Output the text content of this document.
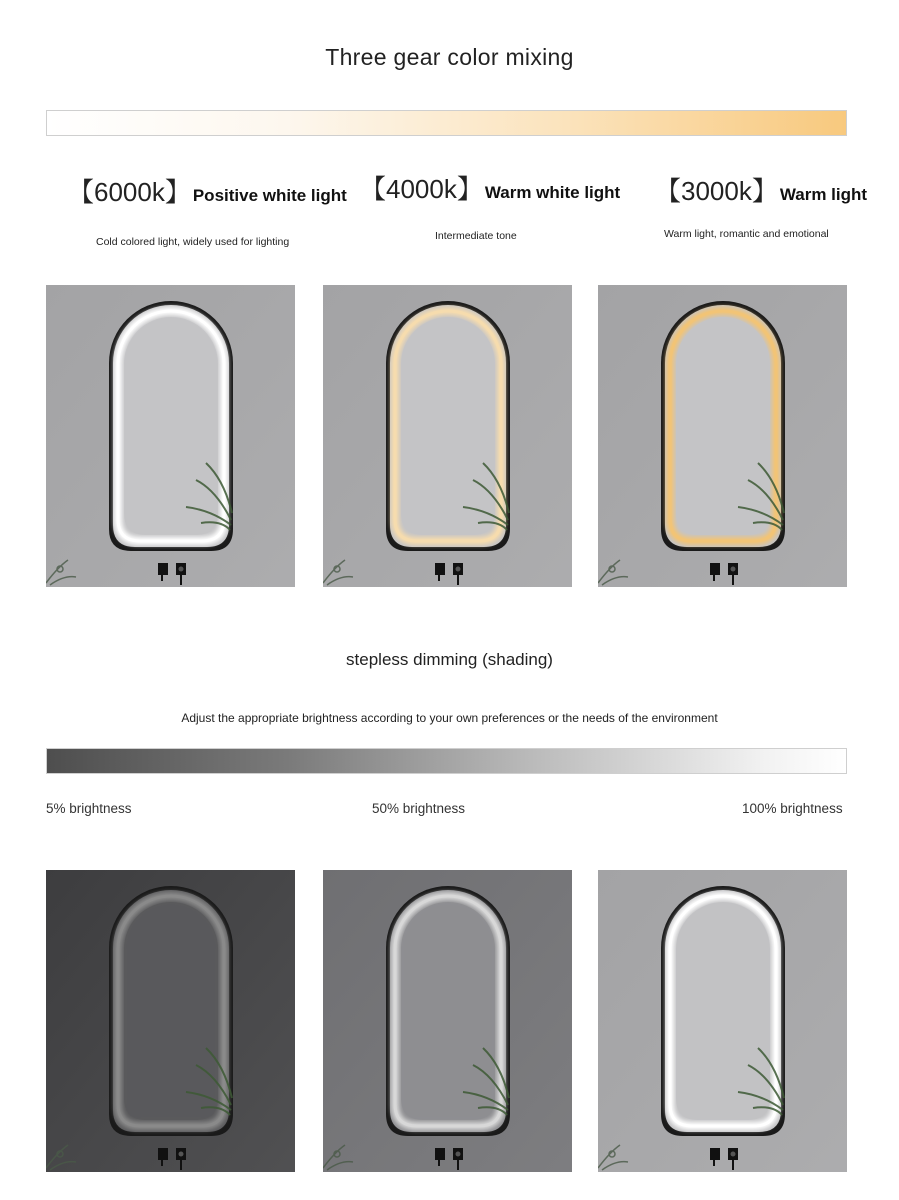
Three gear color mixing
【6000k】 Positive white light
Cold colored light, widely used for lighting
【4000k】 Warm white light
Intermediate tone
【3000k】 Warm light
Warm light, romantic and emotional
stepless dimming (shading)
Adjust the appropriate brightness according to your own preferences or the needs of the environment
5% brightness	50% brightness	100% brightness
